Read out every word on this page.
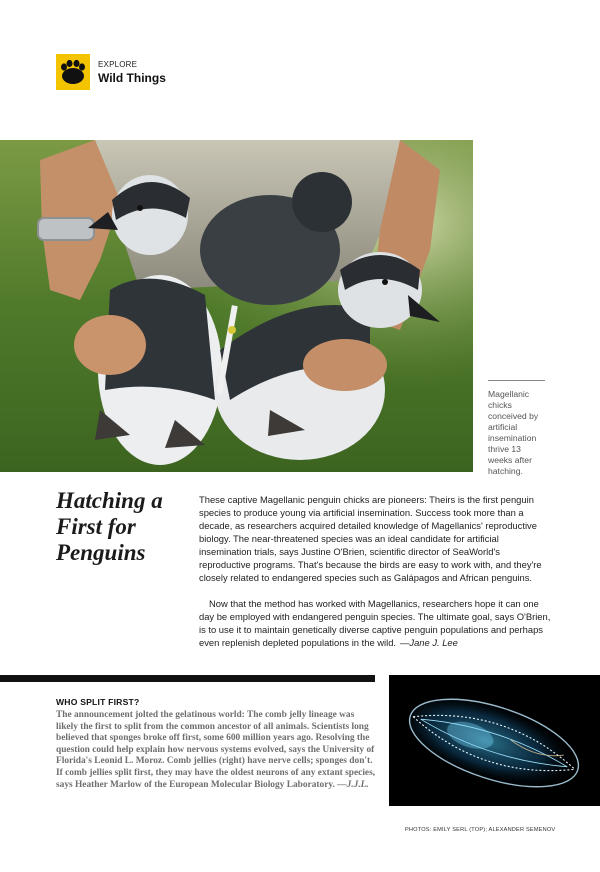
EXPLORE
Wild Things
Magellanic chicks conceived by artificial insemination thrive 13 weeks after hatching.
Hatching a First for Penguins

These captive Magellanic penguin chicks are pioneers: Theirs is the first penguin species to produce young via artificial insemination. Success took more than a decade, as researchers acquired detailed knowledge of Magellanics' reproductive biology. The near-threatened species was an ideal candidate for artificial insemination trials, says Justine O'Brien, scientific director of SeaWorld's reproductive programs. That's because the birds are easy to work with, and they're closely related to endangered species such as Galápagos and African penguins.

Now that the method has worked with Magellanics, researchers hope it can one day be employed with endangered penguin species. The ultimate goal, says O'Brien, is to use it to maintain genetically diverse captive penguin populations and perhaps even replenish depleted populations in the wild. —Jane J. Lee

WHO SPLIT FIRST?
The announcement jolted the gelatinous world: The comb jelly lineage was likely the first to split from the common ancestor of all animals. Scientists long believed that sponges broke off first, some 600 million years ago. Resolving the question could help explain how nervous systems evolved, says the University of Florida's Leonid L. Moroz. Comb jellies (right) have nerve cells; sponges don't. If comb jellies split first, they may have the oldest neurons of any extant species, says Heather Marlow of the European Molecular Biology Laboratory. —J.J.L.
PHOTOS: EMILY SERL (TOP); ALEXANDER SEMENOV
